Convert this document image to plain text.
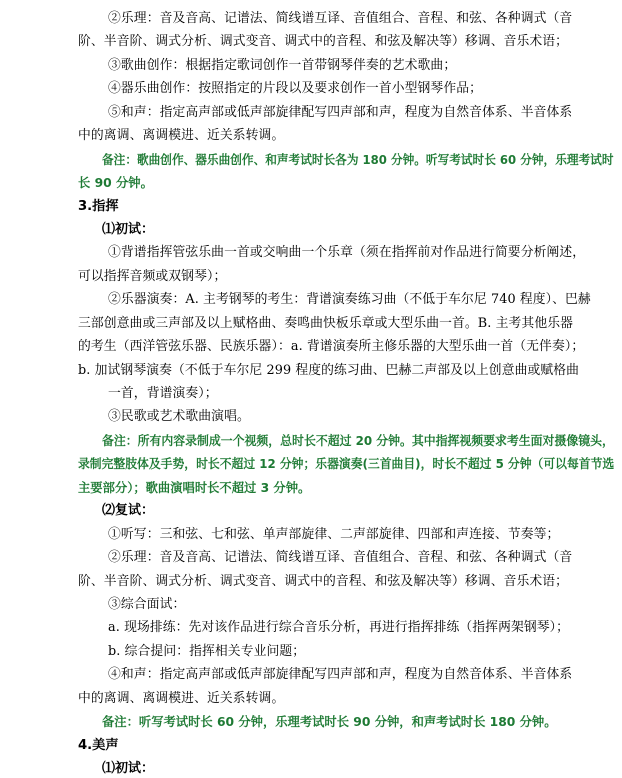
②乐理：音及音高、记谱法、简线谱互译、音值组合、音程、和弦、各种调式（音
阶、半音阶、调式分析、调式变音、调式中的音程、和弦及解决等）移调、音乐术语；
③歌曲创作：根据指定歌词创作一首带钢琴伴奏的艺术歌曲；
④器乐曲创作：按照指定的片段以及要求创作一首小型钢琴作品；
⑤和声：指定高声部或低声部旋律配写四声部和声，程度为自然音体系、半音体系
中的离调、离调模进、近关系转调。
备注：歌曲创作、器乐曲创作、和声考试时长各为 180 分钟。听写考试时长 60 分钟，乐理考试时
长 90 分钟。
3.指挥
⑴初试：
①背谱指挥管弦乐曲一首或交响曲一个乐章（须在指挥前对作品进行简要分析阐述，
可以指挥音频或双钢琴）；
②乐器演奏：A. 主考钢琴的考生：背谱演奏练习曲（不低于车尔尼 740 程度）、巴赫
三部创意曲或三声部及以上赋格曲、奏鸣曲快板乐章或大型乐曲一首。B. 主考其他乐器
的考生（西洋管弦乐器、民族乐器）：a. 背谱演奏所主修乐器的大型乐曲一首（无伴奏）；
b. 加试钢琴演奏（不低于车尔尼 299 程度的练习曲、巴赫二声部及以上创意曲或赋格曲
一首，背谱演奏）；
③民歌或艺术歌曲演唱。
备注：所有内容录制成一个视频，总时长不超过 20 分钟。其中指挥视频要求考生面对摄像镜头，
录制完整肢体及手势，时长不超过 12 分钟；乐器演奏(三首曲目)，时长不超过 5 分钟（可以每首节选
主要部分）；歌曲演唱时长不超过 3 分钟。
⑵复试：
①听写：三和弦、七和弦、单声部旋律、二声部旋律、四部和声连接、节奏等；
②乐理：音及音高、记谱法、简线谱互译、音值组合、音程、和弦、各种调式（音
阶、半音阶、调式分析、调式变音、调式中的音程、和弦及解决等）移调、音乐术语；
③综合面试：
a. 现场排练：先对该作品进行综合音乐分析，再进行指挥排练（指挥两架钢琴）；
b. 综合提问：指挥相关专业问题；
④和声：指定高声部或低声部旋律配写四声部和声，程度为自然音体系、半音体系
中的离调、离调模进、近关系转调。
备注：听写考试时长 60 分钟，乐理考试时长 90 分钟，和声考试时长 180 分钟。
4.美声
⑴初试：
